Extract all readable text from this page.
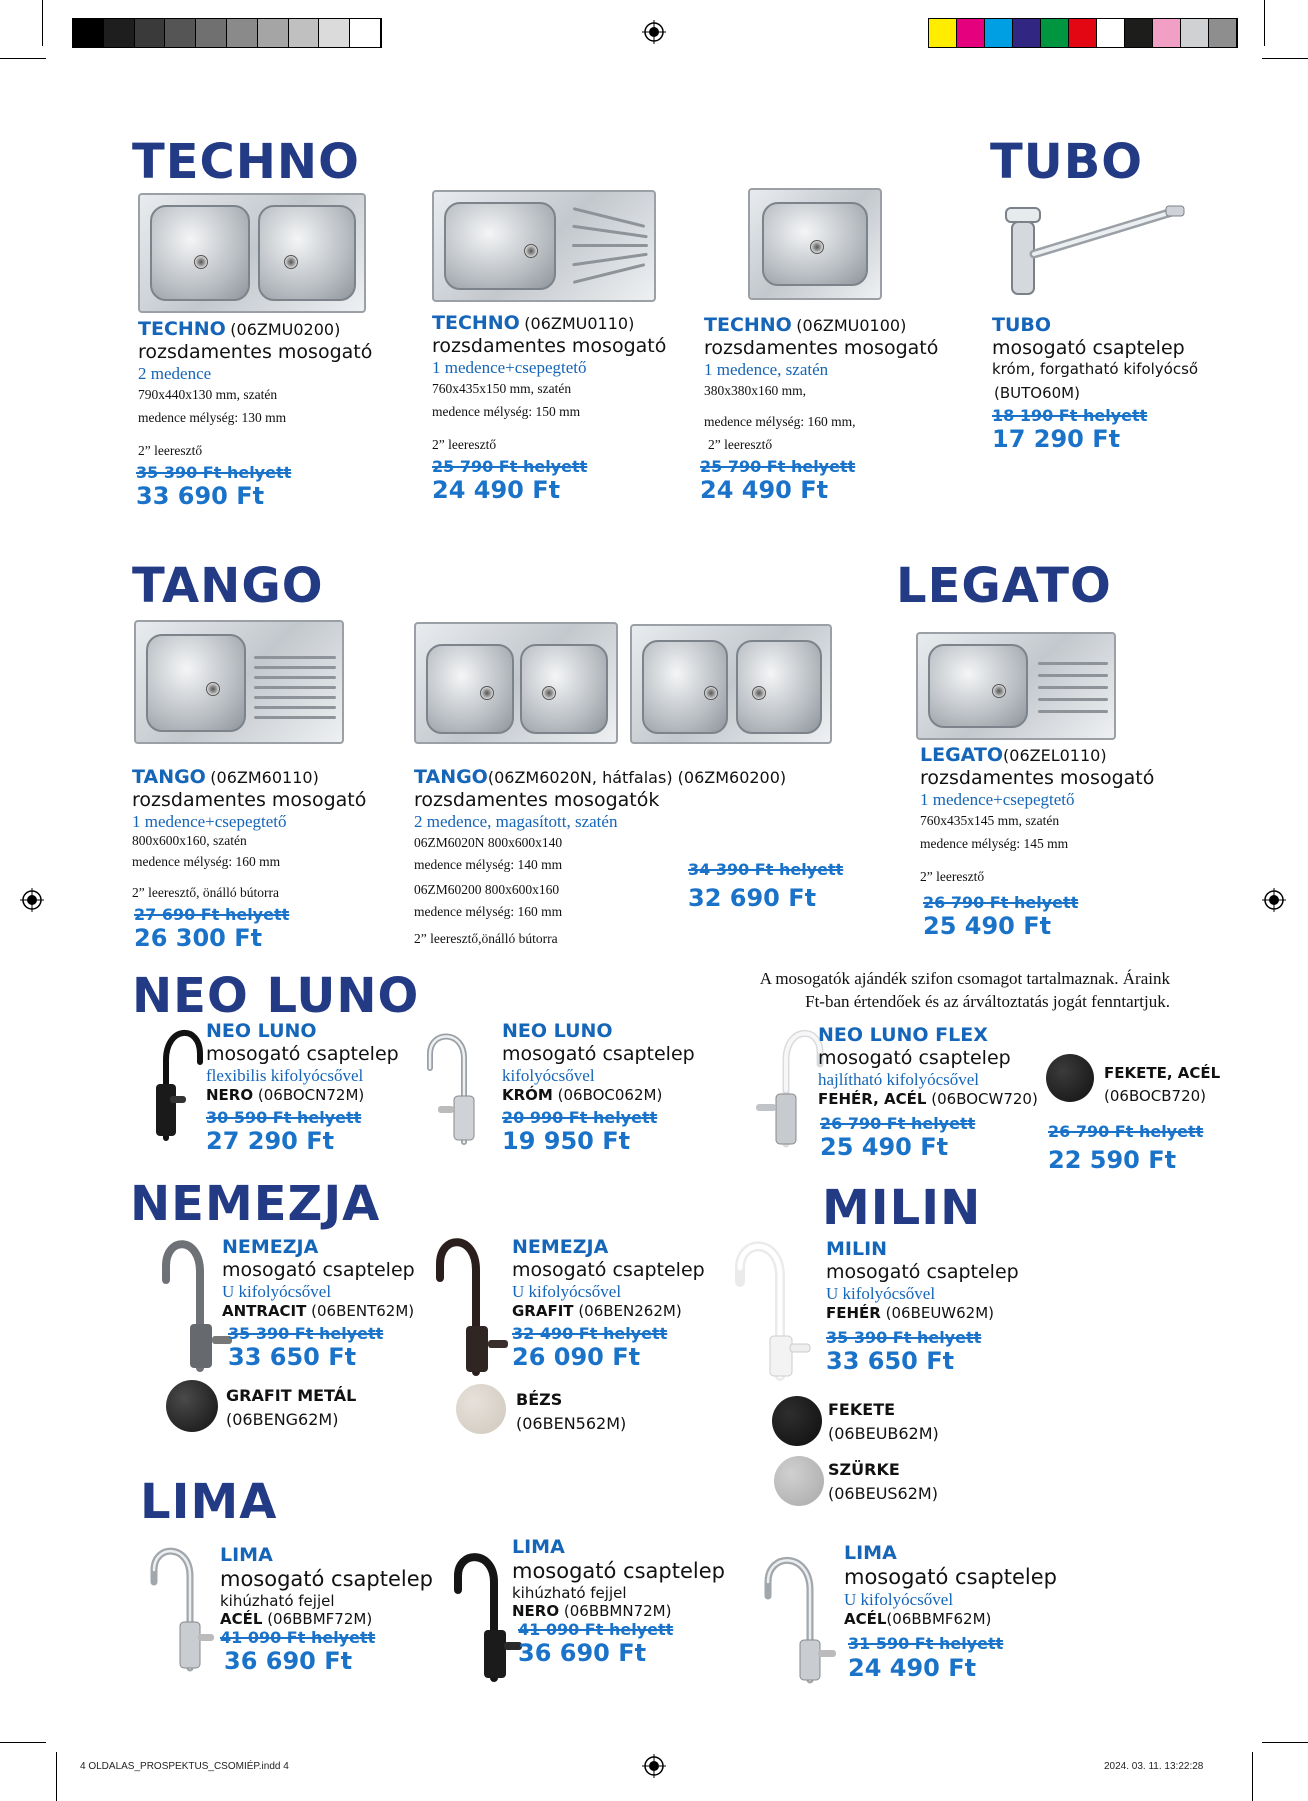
TECHNO	TUBO
TANGO	LEGATO
NEO LUNO
NEMEZJA	MILIN
LIMA
TECHNO (06ZMU0200)
rozsdamentes mosogató
2 medence
790x440x130 mm, szatén
medence mélység: 130 mm
2” leeresztő
35 390 Ft helyett
33 690 Ft
TECHNO (06ZMU0110)
rozsdamentes mosogató
1 medence+csepegtető
760x435x150 mm, szatén
medence mélység: 150 mm
2” leeresztő
25 790 Ft helyett
24 490 Ft
TECHNO (06ZMU0100)
rozsdamentes mosogató
1 medence, szatén
380x380x160 mm,
medence mélység: 160 mm,
2” leeresztő
25 790 Ft helyett
24 490 Ft
TUBO
mosogató csaptelep
króm, forgatható kifolyócső
(BUTO60M)
18 190 Ft helyett
17 290 Ft
TANGO (06ZM60110)
rozsdamentes mosogató
1 medence+csepegtető
800x600x160, szatén
medence mélység: 160 mm
2” leeresztő, önálló bútorra
27 690 Ft helyett
26 300 Ft
TANGO(06ZM6020N, hátfalas) (06ZM60200)
rozsdamentes mosogatók
2 medence, magasított, szatén
06ZM6020N 800x600x140
medence mélység: 140 mm
06ZM60200 800x600x160
medence mélység: 160 mm
2” leeresztő,önálló bútorra
34 390 Ft helyett
32 690 Ft
LEGATO(06ZEL0110)
rozsdamentes mosogató
1 medence+csepegtető
760x435x145 mm, szatén
medence mélység: 145 mm
2” leeresztő
26 790 Ft helyett
25 490 Ft
A mosogatók ajándék szifon csomagot tartalmaznak. Áraink
Ft-ban értendőek és az árváltoztatás jogát fenntartjuk.
NEO LUNO
mosogató csaptelep
flexibilis kifolyócsővel
NERO (06BOCN72M)
30 590 Ft helyett
27 290 Ft
NEO LUNO
mosogató csaptelep
kifolyócsővel
KRÓM (06BOC062M)
20 990 Ft helyett
19 950 Ft
NEO LUNO FLEX
mosogató csaptelep
hajlítható kifolyócsővel
FEHÉR, ACÉL (06BOCW720)
26 790 Ft helyett
25 490 Ft
FEKETE, ACÉL
(06BOCB720)
26 790 Ft helyett
22 590 Ft
NEMEZJA
mosogató csaptelep
U kifolyócsővel
ANTRACIT (06BENT62M)
35 390 Ft helyett
33 650 Ft
GRAFIT METÁL
(06BENG62M)
NEMEZJA
mosogató csaptelep
U kifolyócsővel
GRAFIT (06BEN262M)
32 490 Ft helyett
26 090 Ft
BÉZS
(06BEN562M)
MILIN
mosogató csaptelep
U kifolyócsővel
FEHÉR (06BEUW62M)
35 390 Ft helyett
33 650 Ft
FEKETE
(06BEUB62M)
SZÜRKE
(06BEUS62M)
LIMA
mosogató csaptelep
kihúzható fejjel
ACÉL (06BBMF72M)
41 090 Ft helyett
36 690 Ft
LIMA
mosogató csaptelep
kihúzható fejjel
NERO (06BBMN72M)
41 090 Ft helyett
36 690 Ft
LIMA
mosogató csaptelep
U kifolyócsővel
ACÉL(06BBMF62M)
31 590 Ft helyett
24 490 Ft
4 OLDALAS_PROSPEKTUS_CSOMIÉP.indd 4	2024. 03. 11. 13:22:28
